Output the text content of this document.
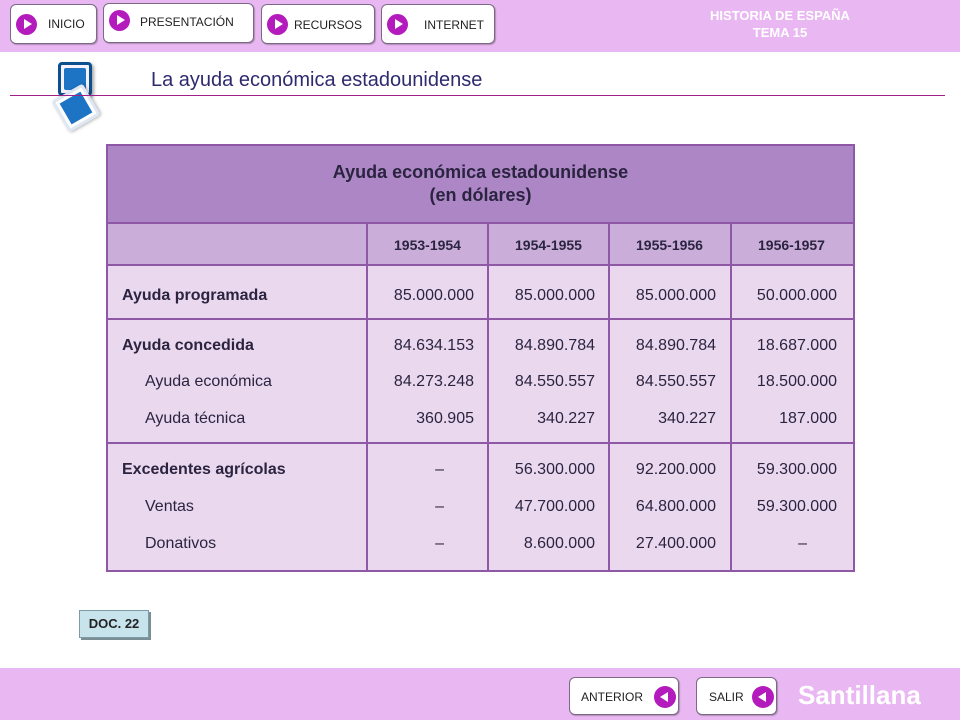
INICIO	PRESENTACIÓN	RECURSOS	INTERNET
HISTORIA DE ESPAÑA
TEMA 15
La ayuda económica estadounidense
Ayuda económica estadounidense
(en dólares)
1953-1954	1954-1955	1955-1956	1956-1957
Ayuda programada	85.000.000	85.000.000	85.000.000	50.000.000
Ayuda concedida	84.634.153	84.890.784	84.890.784	18.687.000
Ayuda económica	84.273.248	84.550.557	84.550.557	18.500.000
Ayuda técnica	360.905	340.227	340.227	187.000
Excedentes agrícolas	–	56.300.000	92.200.000	59.300.000
Ventas	–	47.700.000	64.800.000	59.300.000
Donativos	–	8.600.000	27.400.000	–
DOC. 22
ANTERIOR	SALIR Santillana
